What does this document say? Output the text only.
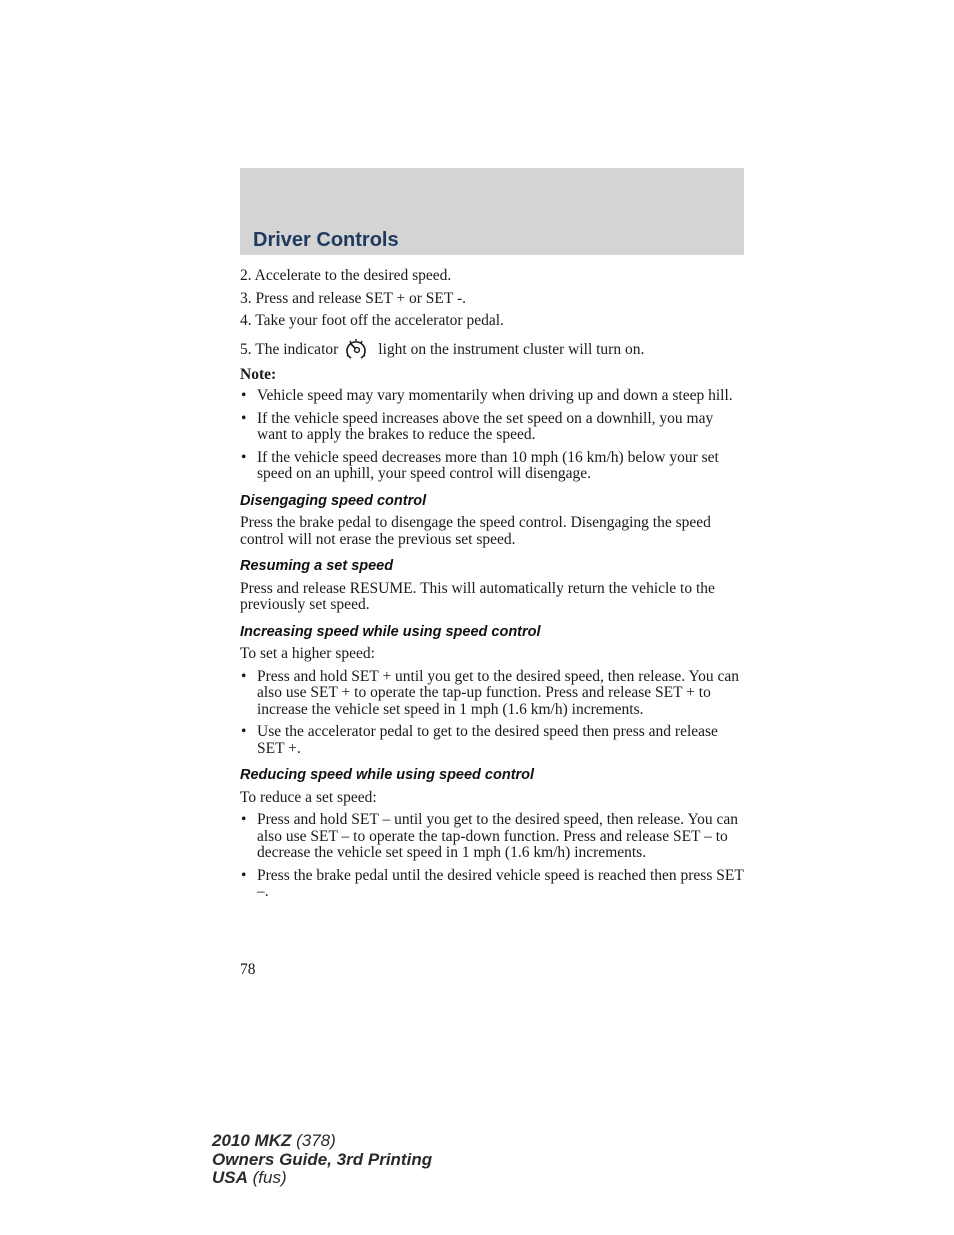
Driver Controls

2. Accelerate to the desired speed.

3. Press and release SET + or SET -.

4. Take your foot off the accelerator pedal.

5. The indicator	light on the instrument cluster will turn on.

Note:

• Vehicle speed may vary momentarily when driving up and down a steep hill.
• If the vehicle speed increases above the set speed on a downhill, you may want to apply the brakes to reduce the speed.
• If the vehicle speed decreases more than 10 mph (16 km/h) below your set speed on an uphill, your speed control will disengage.
Disengaging speed control

Press the brake pedal to disengage the speed control. Disengaging the speed control will not erase the previous set speed.

Resuming a set speed

Press and release RESUME. This will automatically return the vehicle to the previously set speed.

Increasing speed while using speed control

To set a higher speed:

• Press and hold SET + until you get to the desired speed, then release. You can also use SET + to operate the tap-up function. Press and release SET + to increase the vehicle set speed in 1 mph (1.6 km/h) increments.
• Use the accelerator pedal to get to the desired speed then press and release SET +.
Reducing speed while using speed control

To reduce a set speed:

• Press and hold SET – until you get to the desired speed, then release. You can also use SET – to operate the tap-down function. Press and release SET – to decrease the vehicle set speed in 1 mph (1.6 km/h) increments.
• Press the brake pedal until the desired vehicle speed is reached then press SET –.
78
2010 MKZ (378)
Owners Guide, 3rd Printing
USA (fus)
